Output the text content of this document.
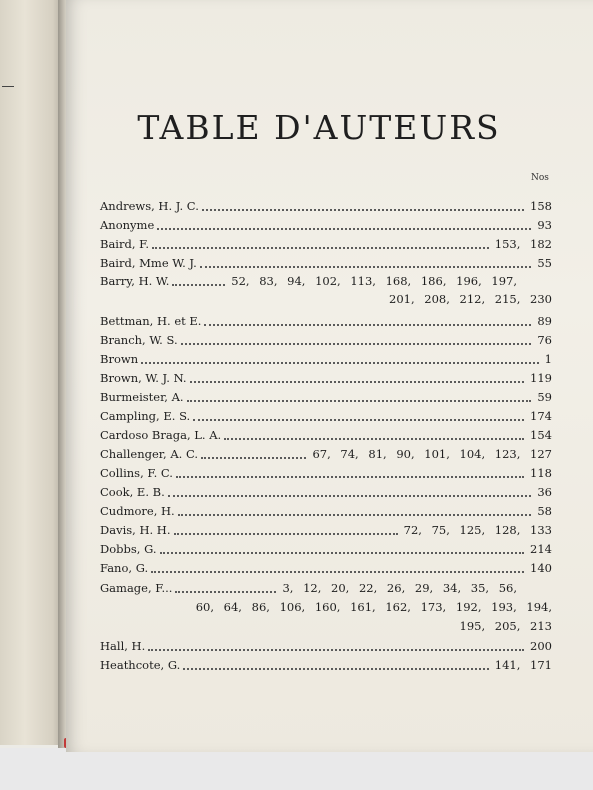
TABLE D'AUTEURS
Nos
Andrews, H. J. C.	158
Anonyme	93
Baird, F.	153, 182
Baird, Mme W. J.	55
Barry, H. W.	52, 83, 94, 102, 113, 168, 186, 196, 197,
201, 208, 212, 215, 230
Bettman, H. et E.	89
Branch, W. S.	76
Brown	1
Brown, W. J. N.	119
Burmeister, A.	59
Campling, E. S.	174
Cardoso Braga, L. A.	154
Challenger, A. C.	67, 74, 81, 90, 101, 104, 123, 127
Collins, F. C.	118
Cook, E. B.	36
Cudmore, H.	58
Davis, H. H.	72, 75, 125, 128, 133
Dobbs, G.	214
Fano, G.	140
Gamage, F...	3, 12, 20, 22, 26, 29, 34, 35, 56,
60, 64, 86, 106, 160, 161, 162, 173, 192, 193, 194,
195, 205, 213
Hall, H.	200
Heathcote, G.	141, 171
